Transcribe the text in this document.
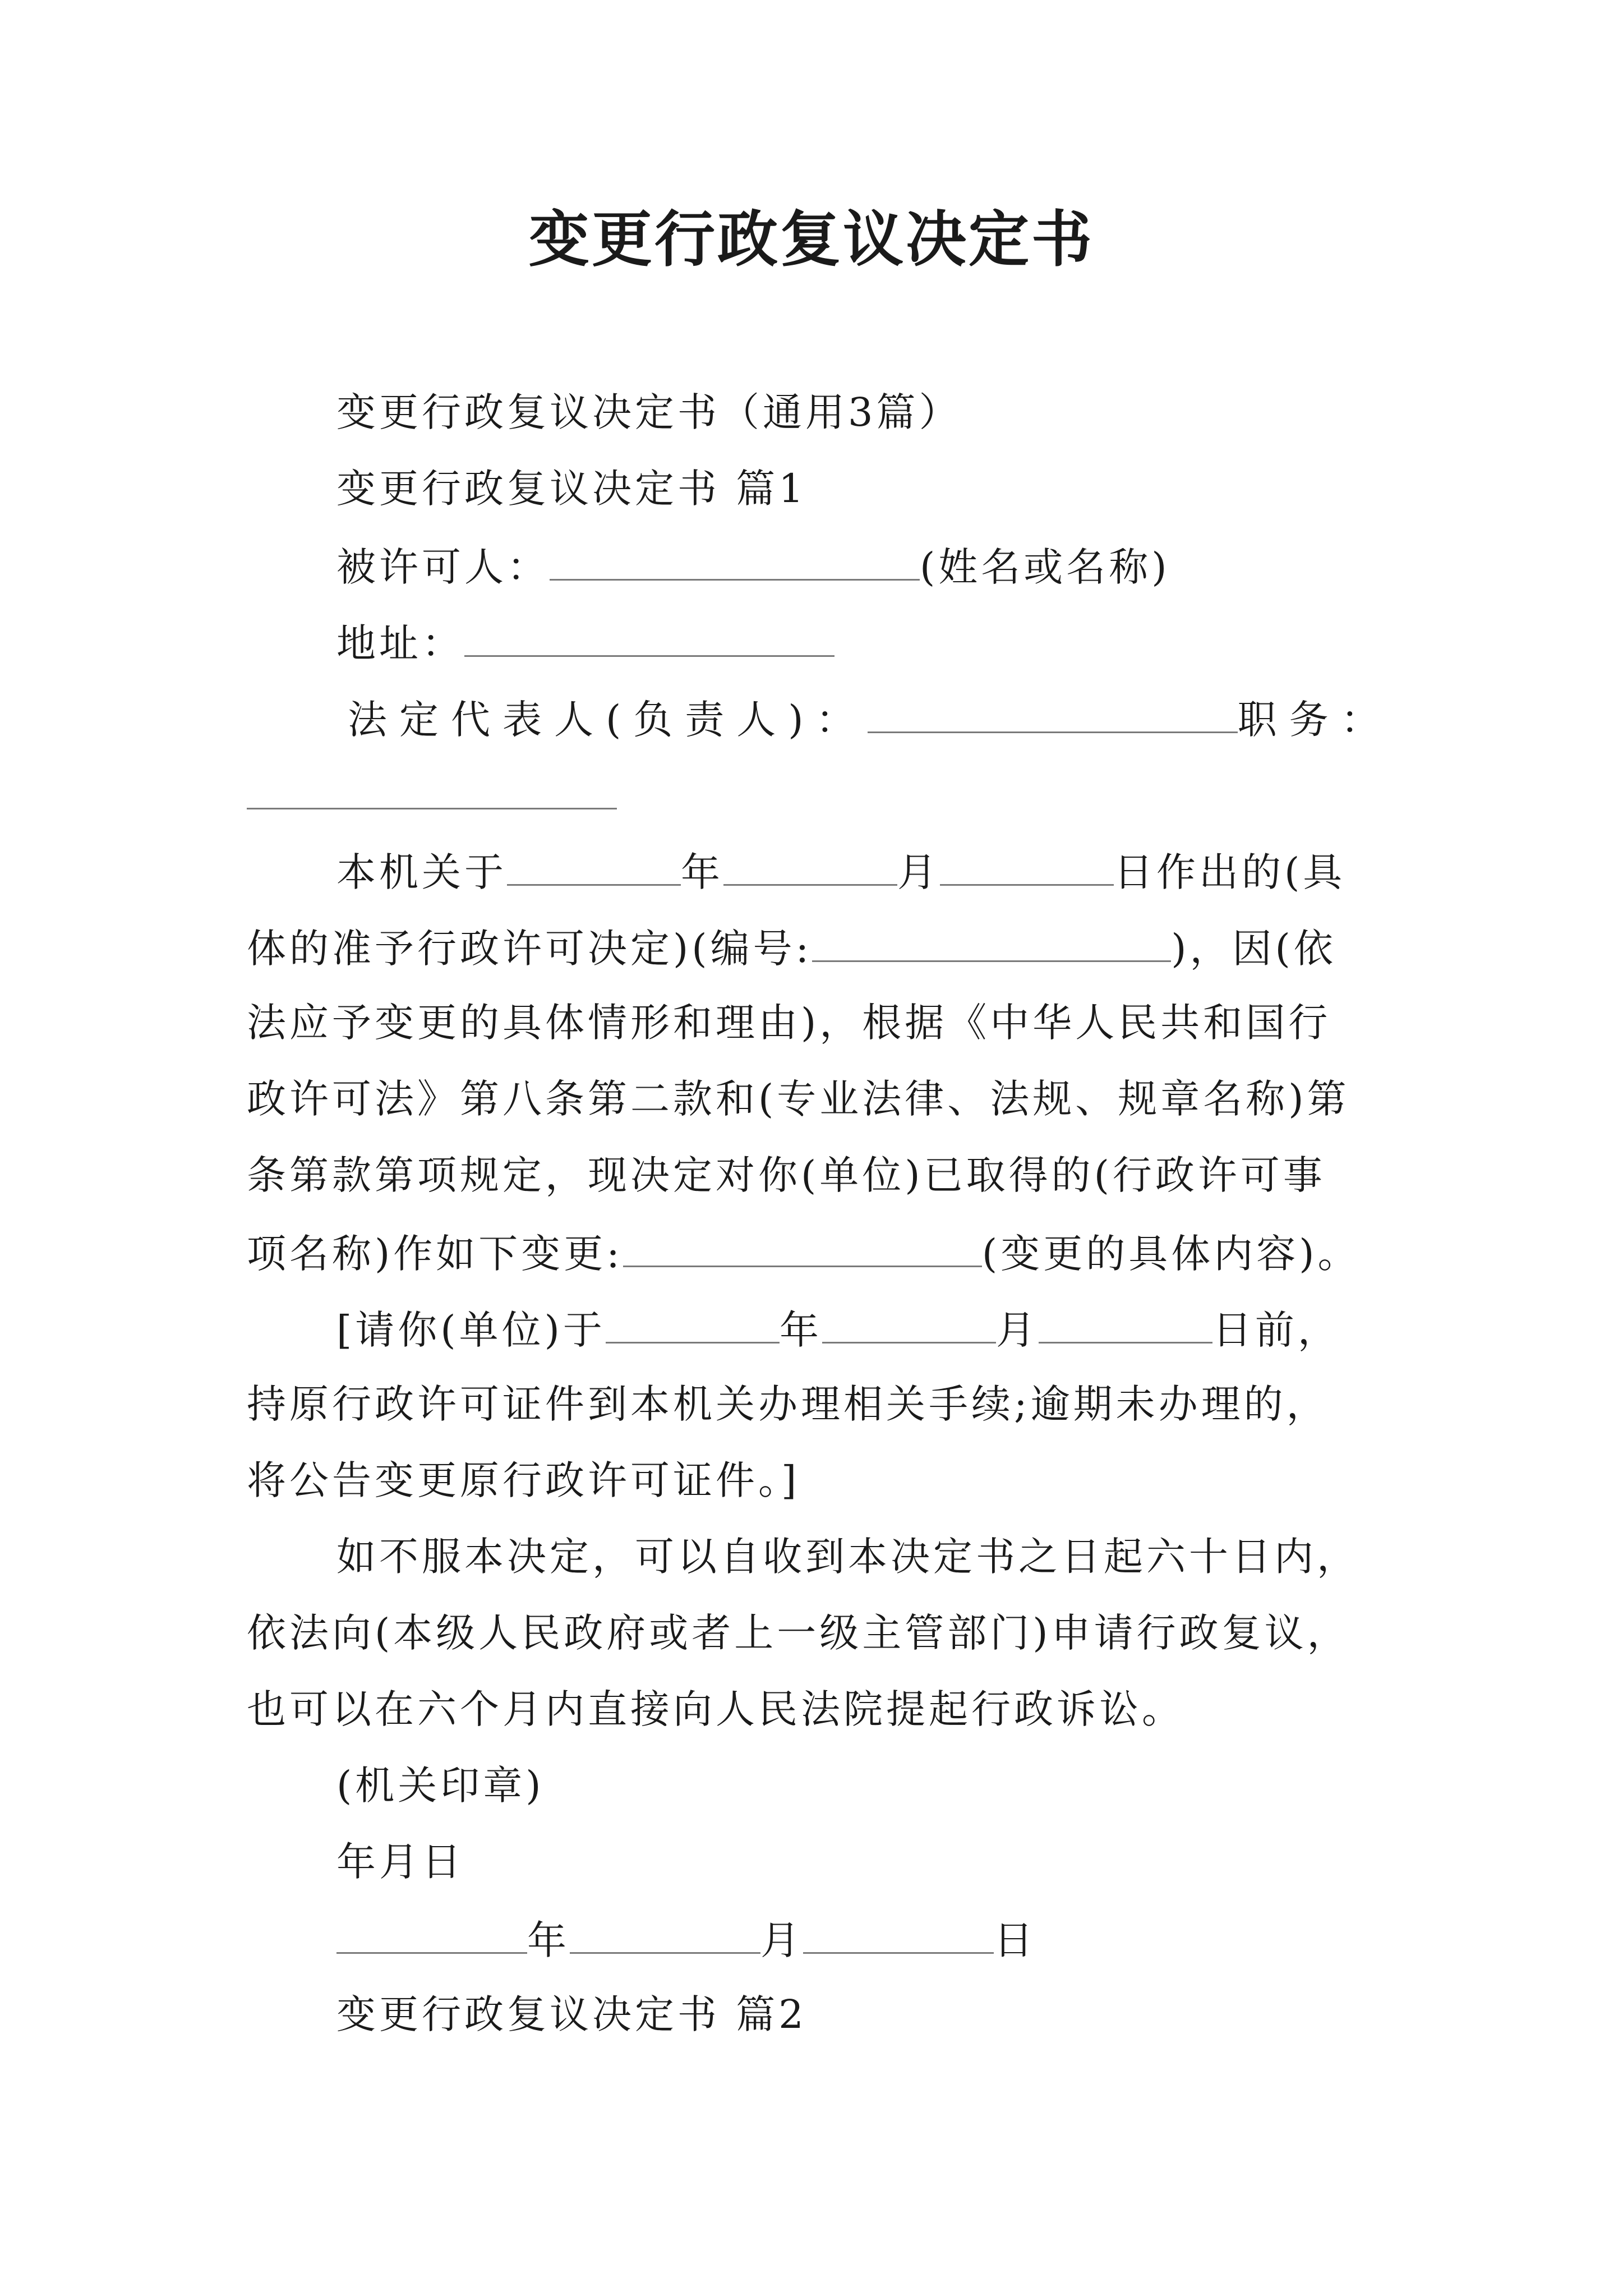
变更行政复议决定书
变更行政复议决定书（通用3篇）
变更行政复议决定书 篇1
被许可人：	(姓名或名称)
地址：
法定代表人(负责人)：	职务：
本机关于	年	月	日作出的(具
体的准予行政许可决定)(编号:	)，因(依
法应予变更的具体情形和理由)，根据《中华人民共和国行
政许可法》第八条第二款和(专业法律、法规、规章名称)第
条第款第项规定，现决定对你(单位)已取得的(行政许可事
项名称)作如下变更:	(变更的具体内容)。
[请你(单位)于	年	月	日前，
持原行政许可证件到本机关办理相关手续;逾期未办理的，
将公告变更原行政许可证件。]
如不服本决定，可以自收到本决定书之日起六十日内，
依法向(本级人民政府或者上一级主管部门)申请行政复议，
也可以在六个月内直接向人民法院提起行政诉讼。
(机关印章)
年月日
年	月	日
变更行政复议决定书 篇2
